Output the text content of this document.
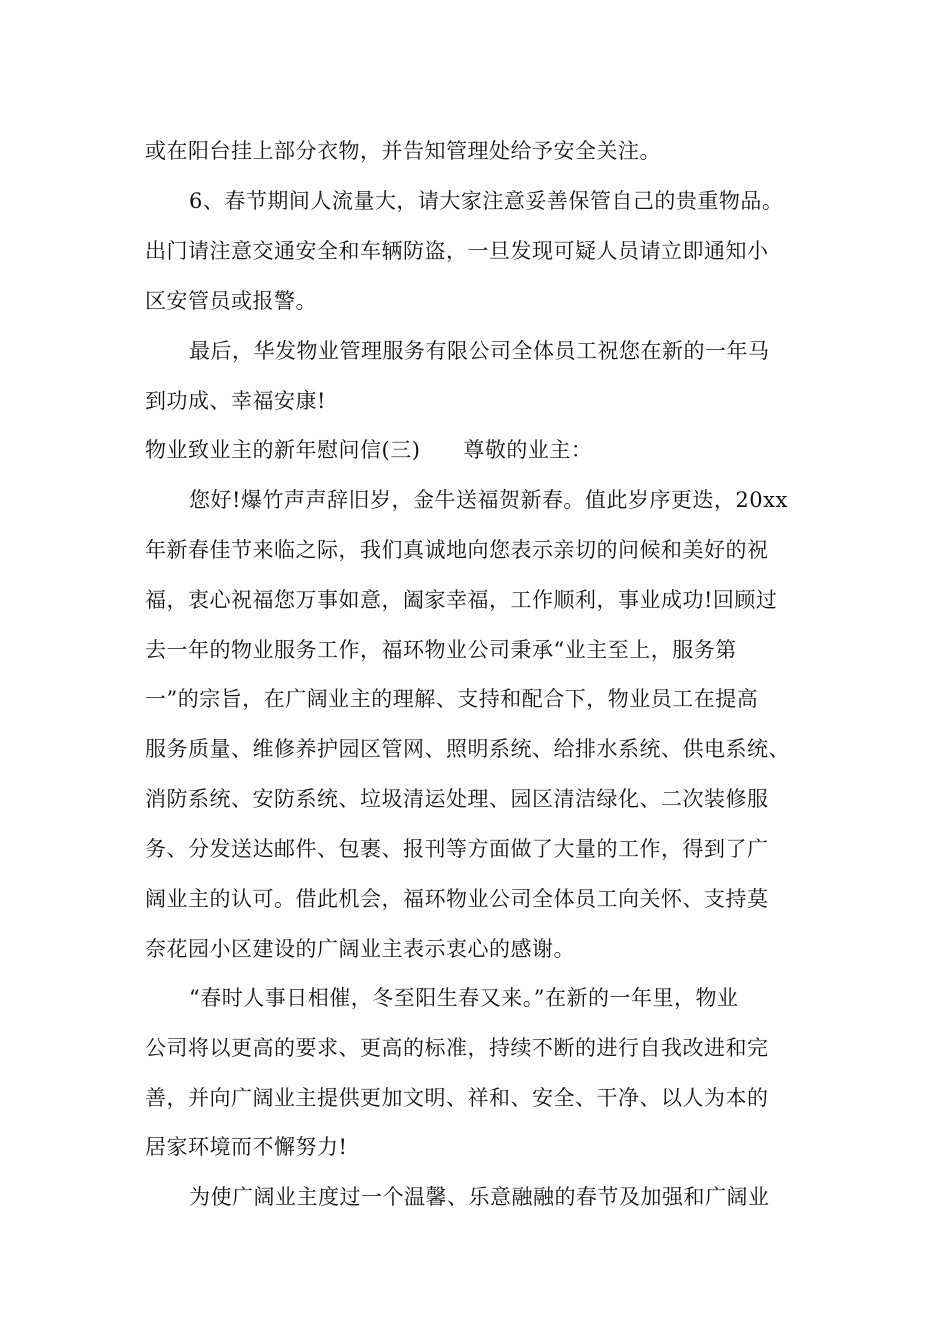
或在阳台挂上部分衣物，并告知管理处给予安全关注。
6、春节期间人流量大，请大家注意妥善保管自己的贵重物品。
出门请注意交通安全和车辆防盗，一旦发现可疑人员请立即通知小
区安管员或报警。
最后，华发物业管理服务有限公司全体员工祝您在新的一年马
到功成、幸福安康!
物业致业主的新年慰问信(三)　　尊敬的业主：
您好!爆竹声声辞旧岁，金牛送福贺新春。值此岁序更迭，20xx
年新春佳节来临之际，我们真诚地向您表示亲切的问候和美好的祝
福，衷心祝福您万事如意，阖家幸福，工作顺利，事业成功!回顾过
去一年的物业服务工作，福环物业公司秉承“业主至上，服务第
一”的宗旨，在广阔业主的理解、支持和配合下，物业员工在提高
服务质量、维修养护园区管网、照明系统、给排水系统、供电系统、
消防系统、安防系统、垃圾清运处理、园区清洁绿化、二次装修服
务、分发送达邮件、包裹、报刊等方面做了大量的工作，得到了广
阔业主的认可。借此机会，福环物业公司全体员工向关怀、支持莫
奈花园小区建设的广阔业主表示衷心的感谢。
“春时人事日相催，冬至阳生春又来。”在新的一年里，物业
公司将以更高的要求、更高的标准，持续不断的进行自我改进和完
善，并向广阔业主提供更加文明、祥和、安全、干净、以人为本的
居家环境而不懈努力!
为使广阔业主度过一个温馨、乐意融融的春节及加强和广阔业
